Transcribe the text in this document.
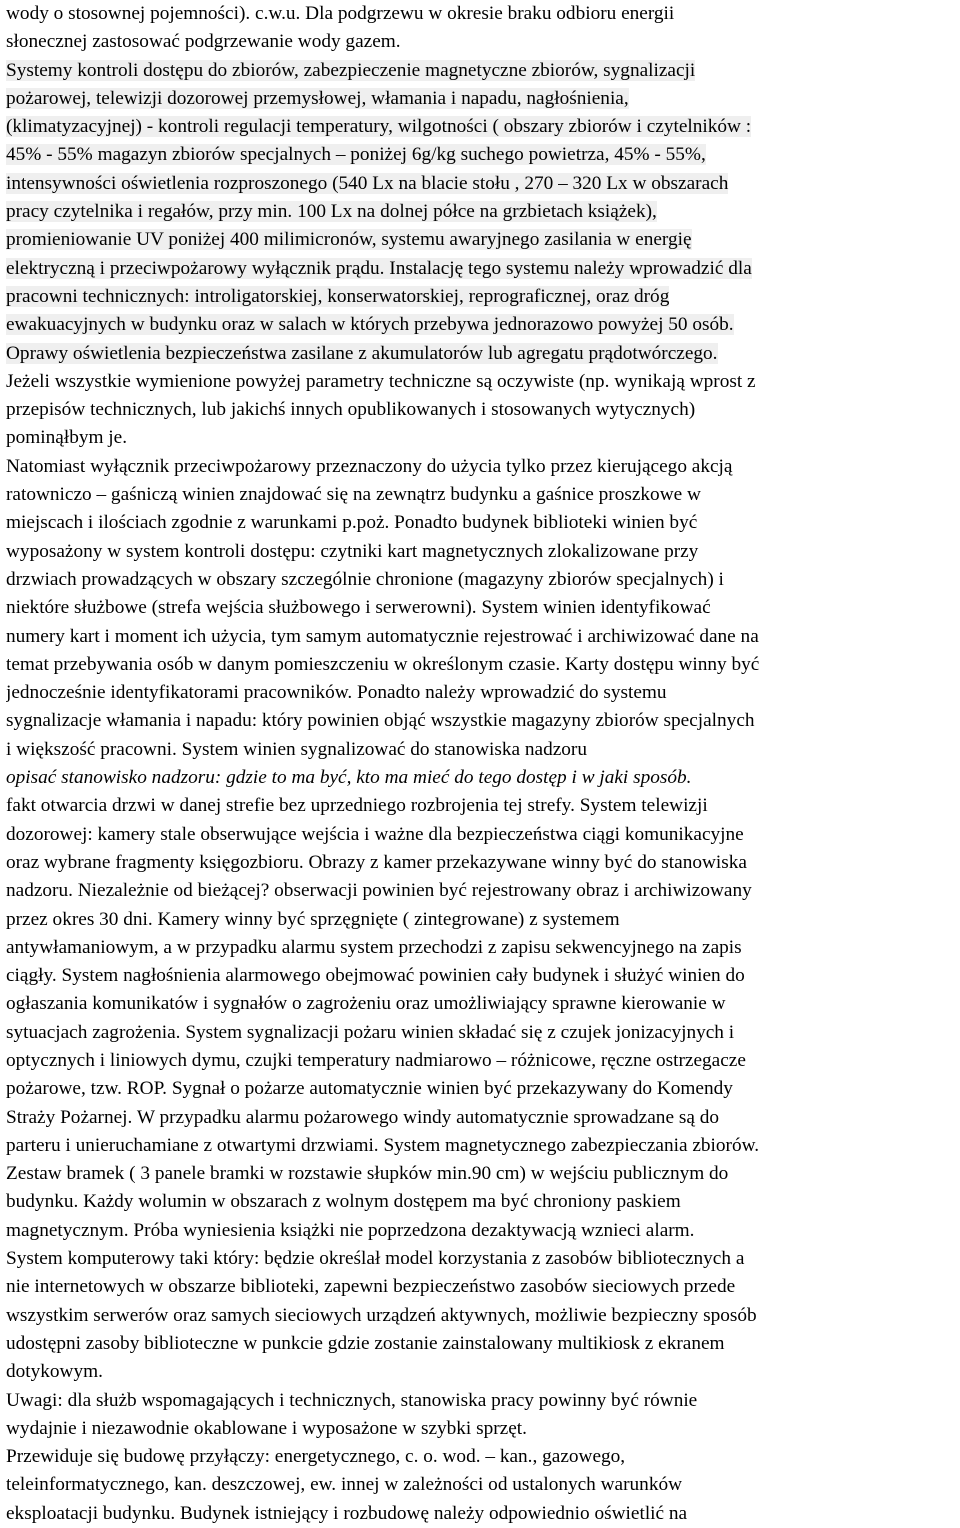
wody o stosownej pojemności). c.w.u. Dla podgrzewu w okresie braku odbioru energii
słonecznej zastosować podgrzewanie wody gazem.
Systemy kontroli dostępu do zbiorów, zabezpieczenie magnetyczne zbiorów, sygnalizacji
pożarowej, telewizji dozorowej przemysłowej, włamania i napadu, nagłośnienia,
(klimatyzacyjnej) - kontroli regulacji temperatury, wilgotności ( obszary zbiorów i czytelników :
45% - 55% magazyn zbiorów specjalnych – poniżej 6g/kg suchego powietrza, 45% - 55%,
intensywności oświetlenia rozproszonego (540 Lx na blacie stołu , 270 – 320 Lx w obszarach
pracy czytelnika i regałów, przy min. 100 Lx na dolnej półce na grzbietach książek),
promieniowanie UV poniżej 400 milimicronów, systemu awaryjnego zasilania w energię
elektryczną i przeciwpożarowy wyłącznik prądu. Instalację tego systemu należy wprowadzić dla
pracowni technicznych: introligatorskiej, konserwatorskiej, reprograficznej, oraz dróg
ewakuacyjnych w budynku oraz w salach w których przebywa jednorazowo powyżej 50 osób.
Oprawy oświetlenia bezpieczeństwa zasilane z akumulatorów lub agregatu prądotwórczego.
Jeżeli wszystkie wymienione powyżej parametry techniczne są oczywiste (np. wynikają wprost z
przepisów technicznych, lub jakichś innych opublikowanych i stosowanych wytycznych)
pominąłbym je.
Natomiast wyłącznik przeciwpożarowy przeznaczony do użycia tylko przez kierującego akcją
ratowniczo – gaśniczą winien znajdować się na zewnątrz budynku a gaśnice proszkowe w
miejscach i ilościach zgodnie z warunkami p.poż. Ponadto budynek biblioteki winien być
wyposażony w system kontroli dostępu: czytniki kart magnetycznych zlokalizowane przy
drzwiach prowadzących w obszary szczególnie chronione (magazyny zbiorów specjalnych) i
niektóre służbowe (strefa wejścia służbowego i serwerowni). System winien identyfikować
numery kart i moment ich użycia, tym samym automatycznie rejestrować i archiwizować dane na
temat przebywania osób w danym pomieszczeniu w określonym czasie. Karty dostępu winny być
jednocześnie identyfikatorami pracowników. Ponadto należy wprowadzić do systemu
sygnalizacje włamania i napadu: który powinien objąć wszystkie magazyny zbiorów specjalnych
i większość pracowni. System winien sygnalizować do stanowiska nadzoru
opisać stanowisko nadzoru: gdzie to ma być, kto ma mieć do tego dostęp i w jaki sposób.
fakt otwarcia drzwi w danej strefie bez uprzedniego rozbrojenia tej strefy. System telewizji
dozorowej: kamery stale obserwujące wejścia i ważne dla bezpieczeństwa ciągi komunikacyjne
oraz wybrane fragmenty księgozbioru. Obrazy z kamer przekazywane winny być do stanowiska
nadzoru. Niezależnie od bieżącej? obserwacji powinien być rejestrowany obraz i archiwizowany
przez okres 30 dni. Kamery winny być sprzęgnięte ( zintegrowane) z systemem
antywłamaniowym, a w przypadku alarmu system przechodzi z zapisu sekwencyjnego na zapis
ciągły. System nagłośnienia alarmowego obejmować powinien cały budynek i służyć winien do
ogłaszania komunikatów i sygnałów o zagrożeniu oraz umożliwiający sprawne kierowanie w
sytuacjach zagrożenia. System sygnalizacji pożaru winien składać się z czujek jonizacyjnych i
optycznych i liniowych dymu, czujki temperatury nadmiarowo – różnicowe, ręczne ostrzegacze
pożarowe, tzw. ROP. Sygnał o pożarze automatycznie winien być przekazywany do Komendy
Straży Pożarnej. W przypadku alarmu pożarowego windy automatycznie sprowadzane są do
parteru i unieruchamiane z otwartymi drzwiami. System magnetycznego zabezpieczania zbiorów.
Zestaw bramek ( 3 panele bramki w rozstawie słupków min.90 cm) w wejściu publicznym do
budynku. Każdy wolumin w obszarach z wolnym dostępem ma być chroniony paskiem
magnetycznym. Próba wyniesienia książki nie poprzedzona dezaktywacją wznieci alarm.
System komputerowy taki który: będzie określał model korzystania z zasobów bibliotecznych a
nie internetowych w obszarze biblioteki, zapewni bezpieczeństwo zasobów sieciowych przede
wszystkim serwerów oraz samych sieciowych urządzeń aktywnych, możliwie bezpieczny sposób
udostępni zasoby biblioteczne w punkcie gdzie zostanie zainstalowany multikiosk z ekranem
dotykowym.
Uwagi: dla służb wspomagających i technicznych, stanowiska pracy powinny być równie
wydajnie i niezawodnie okablowane i wyposażone w szybki sprzęt.
Przewiduje się budowę przyłączy: energetycznego, c. o. wod. – kan., gazowego,
teleinformatycznego, kan. deszczowej, ew. innej w zależności od ustalonych warunków
eksploatacji budynku. Budynek istniejący i rozbudowę należy odpowiednio oświetlić na
